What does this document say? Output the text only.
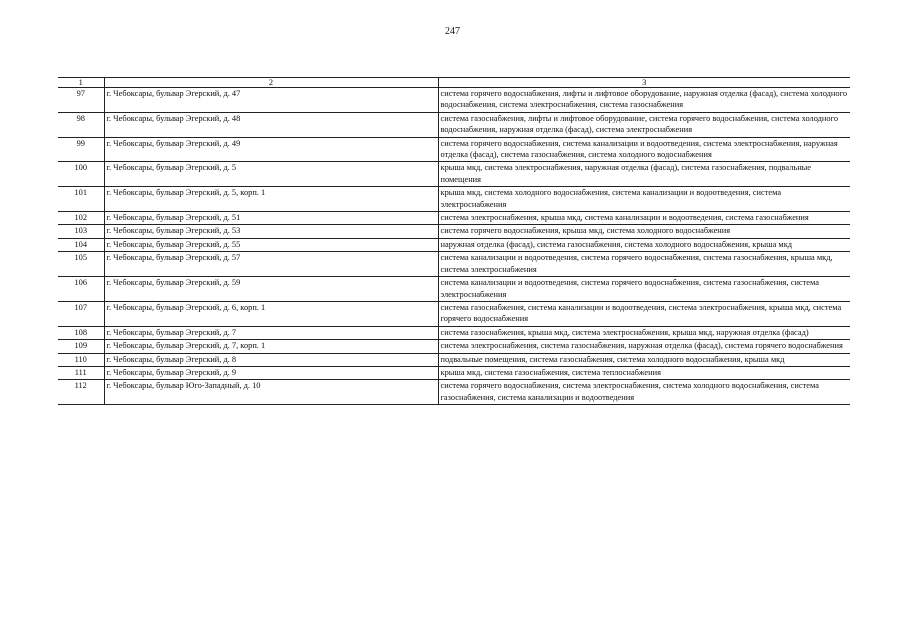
247
1	2	3
97	г. Чебоксары, бульвар Эгерский, д. 47	система горячего водоснабжения, лифты и лифтовое оборудование, наружная отделка (фасад), система холодного водоснабжения, система электроснабжения, система газоснабжения
98	г. Чебоксары, бульвар Эгерский, д. 48	система газоснабжения, лифты и лифтовое оборудование, система горячего водоснабжения, система холодного водоснабжения, наружная отделка (фасад), система электроснабжения
99	г. Чебоксары, бульвар Эгерский, д. 49	система горячего водоснабжения, система канализации и водоотведения, система электроснабжения, наружная отделка (фасад), система газоснабжения, система холодного водоснабжения
100	г. Чебоксары, бульвар Эгерский, д. 5	крыша мкд, система электроснабжения, наружная отделка (фасад), система газоснабжения, подвальные помещения
101	г. Чебоксары, бульвар Эгерский, д. 5, корп. 1	крыша мкд, система холодного водоснабжения, система канализации и водоотведения, система электроснабжения
102	г. Чебоксары, бульвар Эгерский, д. 51	система электроснабжения, крыша мкд, система канализации и водоотведения, система газоснабжения
103	г. Чебоксары, бульвар Эгерский, д. 53	система горячего водоснабжения, крыша мкд, система холодного водоснабжения
104	г. Чебоксары, бульвар Эгерский, д. 55	наружная отделка (фасад), система газоснабжения, система холодного водоснабжения, крыша мкд
105	г. Чебоксары, бульвар Эгерский, д. 57	система канализации и водоотведения, система горячего водоснабжения, система газоснабжения, крыша мкд, система электроснабжения
106	г. Чебоксары, бульвар Эгерский, д. 59	система канализации и водоотведения, система горячего водоснабжения, система газоснабжения, система электроснабжения
107	г. Чебоксары, бульвар Эгерский, д. 6, корп. 1	система газоснабжения, система канализации и водоотведения, система электроснабжения, крыша мкд, система горячего водоснабжения
108	г. Чебоксары, бульвар Эгерский, д. 7	система газоснабжения, крыша мкд, система электроснабжения, крыша мкд, наружная отделка (фасад)
109	г. Чебоксары, бульвар Эгерский, д. 7, корп. 1	система электроснабжения, система газоснабжения, наружная отделка (фасад), система горячего водоснабжения
110	г. Чебоксары, бульвар Эгерский, д. 8	подвальные помещения, система газоснабжения, система холодного водоснабжения, крыша мкд
111	г. Чебоксары, бульвар Эгерский, д. 9	крыша мкд, система газоснабжения, система теплоснабжения
112	г. Чебоксары, бульвар Юго-Западный, д. 10	система горячего водоснабжения, система электроснабжения, система холодного водоснабжения, система газоснабжения, система канализации и водоотведения
